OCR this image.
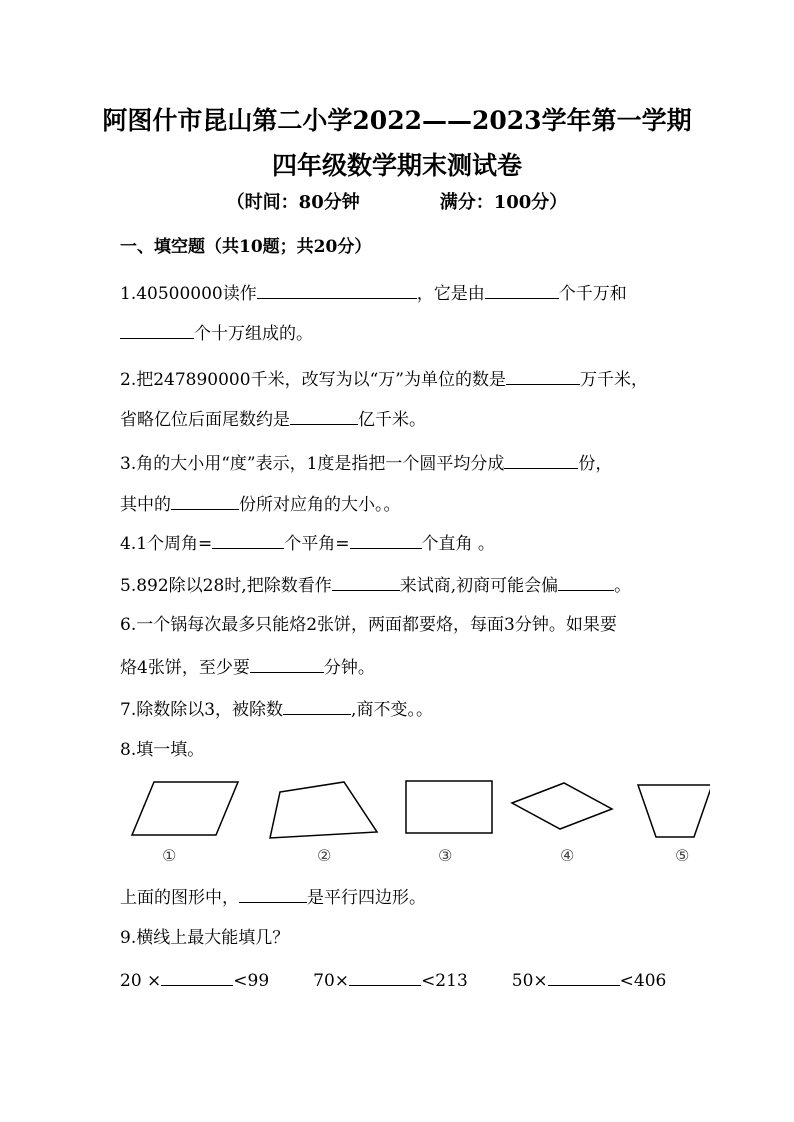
阿图什市昆山第二小学2022——2023学年第一学期
四年级数学期末测试卷
（时间：80分钟	满分：100分）
一、填空题（共10题；共20分）
1.40500000读作	，它是由	个千万和
个十万组成的。
2.把247890000千米，改写为以“万”为单位的数是	万千米，
省略亿位后面尾数约是	亿千米。
3.角的大小用“度”表示，1度是指把一个圆平均分成	份，
其中的	份所对应角的大小。。
4.1个周角=	个平角=	个直角 。
5.892除以28时,把除数看作	来试商,初商可能会偏	。
6.一个锅每次最多只能烙2张饼，两面都要烙，每面3分钟。如果要
烙4张饼，至少要	分钟。
7.除数除以3，被除数	,商不变。。
8.填一填。
①	②	③	④	⑤
上面的图形中，	是平行四边形。
9.横线上最大能填几？
20 ×	<99	70×	<213	50×	<406
